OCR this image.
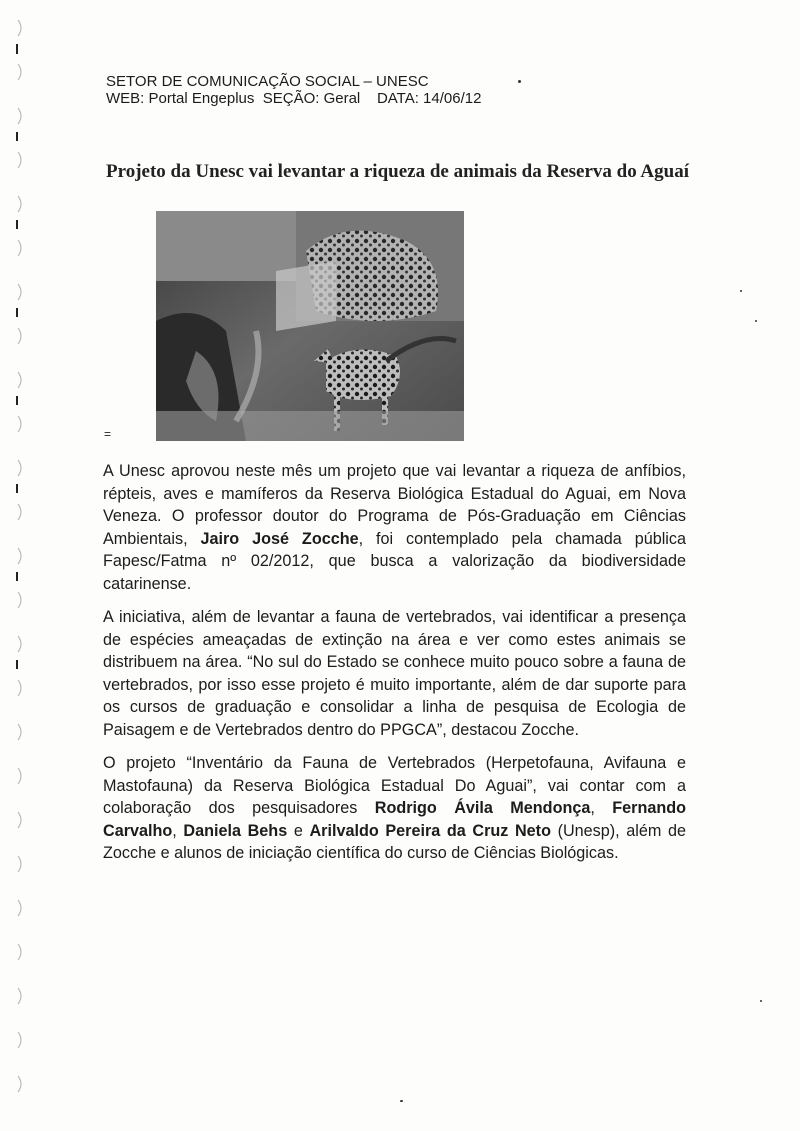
SETOR DE COMUNICAÇÃO SOCIAL – UNESC
WEB: Portal Engeplus  SEÇÃO: Geral    DATA: 14/06/12
Projeto da Unesc vai levantar a riqueza de animais da Reserva do Aguaí
=

A Unesc aprovou neste mês um projeto que vai levantar a riqueza de anfíbios, répteis, aves e mamíferos da Reserva Biológica Estadual do Aguai, em Nova Veneza. O professor doutor do Programa de Pós-Graduação em Ciências Ambientais, Jairo José Zocche, foi contemplado pela chamada pública Fapesc/Fatma nº 02/2012, que busca a valorização da biodiversidade catarinense.

A iniciativa, além de levantar a fauna de vertebrados, vai identificar a presença de espécies ameaçadas de extinção na área e ver como estes animais se distribuem na área. “No sul do Estado se conhece muito pouco sobre a fauna de vertebrados, por isso esse projeto é muito importante, além de dar suporte para os cursos de graduação e consolidar a linha de pesquisa de Ecologia de Paisagem e de Vertebrados dentro do PPGCA”, destacou Zocche.

O projeto “Inventário da Fauna de Vertebrados (Herpetofauna, Avifauna e Mastofauna) da Reserva Biológica Estadual Do Aguai”, vai contar com a colaboração dos pesquisadores Rodrigo Ávila Mendonça, Fernando Carvalho, Daniela Behs e Arilvaldo Pereira da Cruz Neto (Unesp), além de Zocche e alunos de iniciação científica do curso de Ciências Biológicas.
